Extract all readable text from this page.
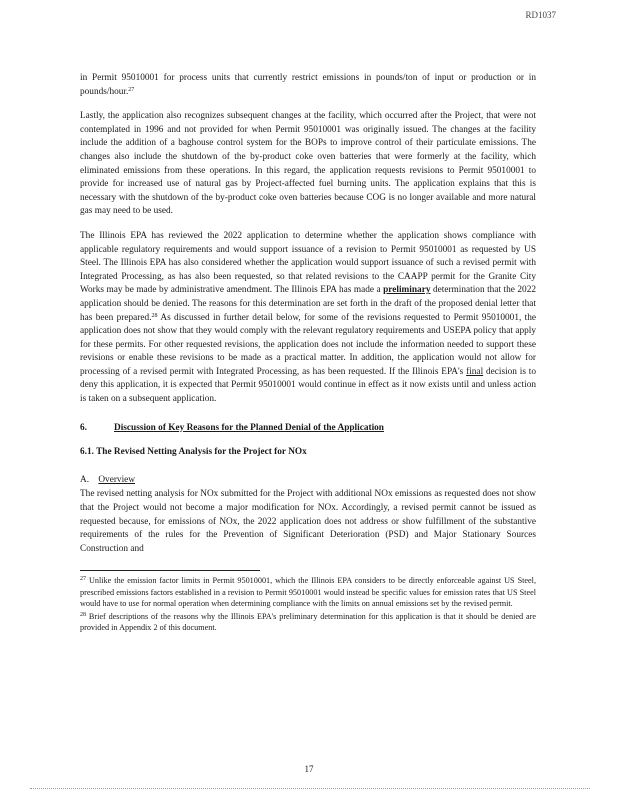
RD1037

in Permit 95010001 for process units that currently restrict emissions in pounds/ton of input or production or in pounds/hour.$^{27}$

Lastly, the application also recognizes subsequent changes at the facility, which occurred after the Project, that were not contemplated in 1996 and not provided for when Permit 95010001 was originally issued. The changes at the facility include the addition of a baghouse control system for the BOPs to improve control of their particulate emissions. The changes also include the shutdown of the by-product coke oven batteries that were formerly at the facility, which eliminated emissions from these operations. In this regard, the application requests revisions to Permit 95010001 to provide for increased use of natural gas by Project-affected fuel burning units. The application explains that this is necessary with the shutdown of the by-product coke oven batteries because COG is no longer available and more natural gas may need to be used.

The Illinois EPA has reviewed the 2022 application to determine whether the application shows compliance with applicable regulatory requirements and would support issuance of a revision to Permit 95010001 as requested by US Steel. The Illinois EPA has also considered whether the application would support issuance of such a revised permit with Integrated Processing, as has also been requested, so that related revisions to the CAAPP permit for the Granite City Works may be made by administrative amendment. The Illinois EPA has made a preliminary determination that the 2022 application should be denied. The reasons for this determination are set forth in the draft of the proposed denial letter that has been prepared.$^{28}$ As discussed in further detail below, for some of the revisions requested to Permit 95010001, the application does not show that they would comply with the relevant regulatory requirements and USEPA policy that apply for these permits. For other requested revisions, the application does not include the information needed to support these revisions or enable these revisions to be made as a practical matter. In addition, the application would not allow for processing of a revised permit with Integrated Processing, as has been requested. If the Illinois EPA's final decision is to deny this application, it is expected that Permit 95010001 would continue in effect as it now exists until and unless action is taken on a subsequent application.

6.	Discussion of Key Reasons for the Planned Denial of the Application
6.1. The Revised Netting Analysis for the Project for NOx
A. Overview

The revised netting analysis for NOx submitted for the Project with additional NOx emissions as requested does not show that the Project would not become a major modification for NOx. Accordingly, a revised permit cannot be issued as requested because, for emissions of NOx, the 2022 application does not address or show fulfillment of the substantive requirements of the rules for the Prevention of Significant Deterioration (PSD) and Major Stationary Sources Construction and

$^{27}$ Unlike the emission factor limits in Permit 95010001, which the Illinois EPA considers to be directly enforceable against US Steel, prescribed emissions factors established in a revision to Permit 95010001 would instead be specific values for emission rates that US Steel would have to use for normal operation when determining compliance with the limits on annual emissions set by the revised permit.

$^{28}$ Brief descriptions of the reasons why the Illinois EPA's preliminary determination for this application is that it should be denied are provided in Appendix 2 of this document.

17
